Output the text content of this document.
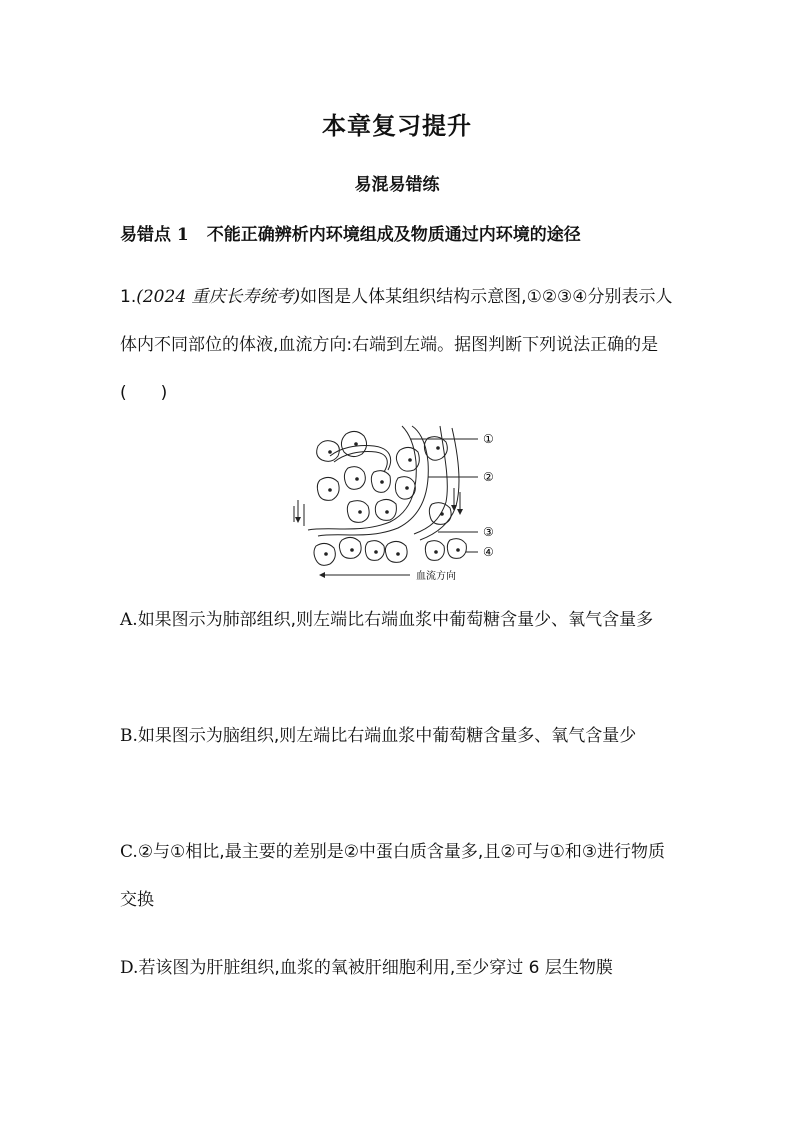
本章复习提升
易混易错练
易错点 1 不能正确辨析内环境组成及物质通过内环境的途径
1.(2024 重庆长寿统考)如图是人体某组织结构示意图,①②③④分别表示人体内不同部位的体液,血流方向:右端到左端。据图判断下列说法正确的是(　　)
①
②
③
④
血流方向
A.如果图示为肺部组织,则左端比右端血浆中葡萄糖含量少、氧气含量多
B.如果图示为脑组织,则左端比右端血浆中葡萄糖含量多、氧气含量少
C.②与①相比,最主要的差别是②中蛋白质含量多,且②可与①和③进行物质交换
D.若该图为肝脏组织,血浆的氧被肝细胞利用,至少穿过 6 层生物膜
